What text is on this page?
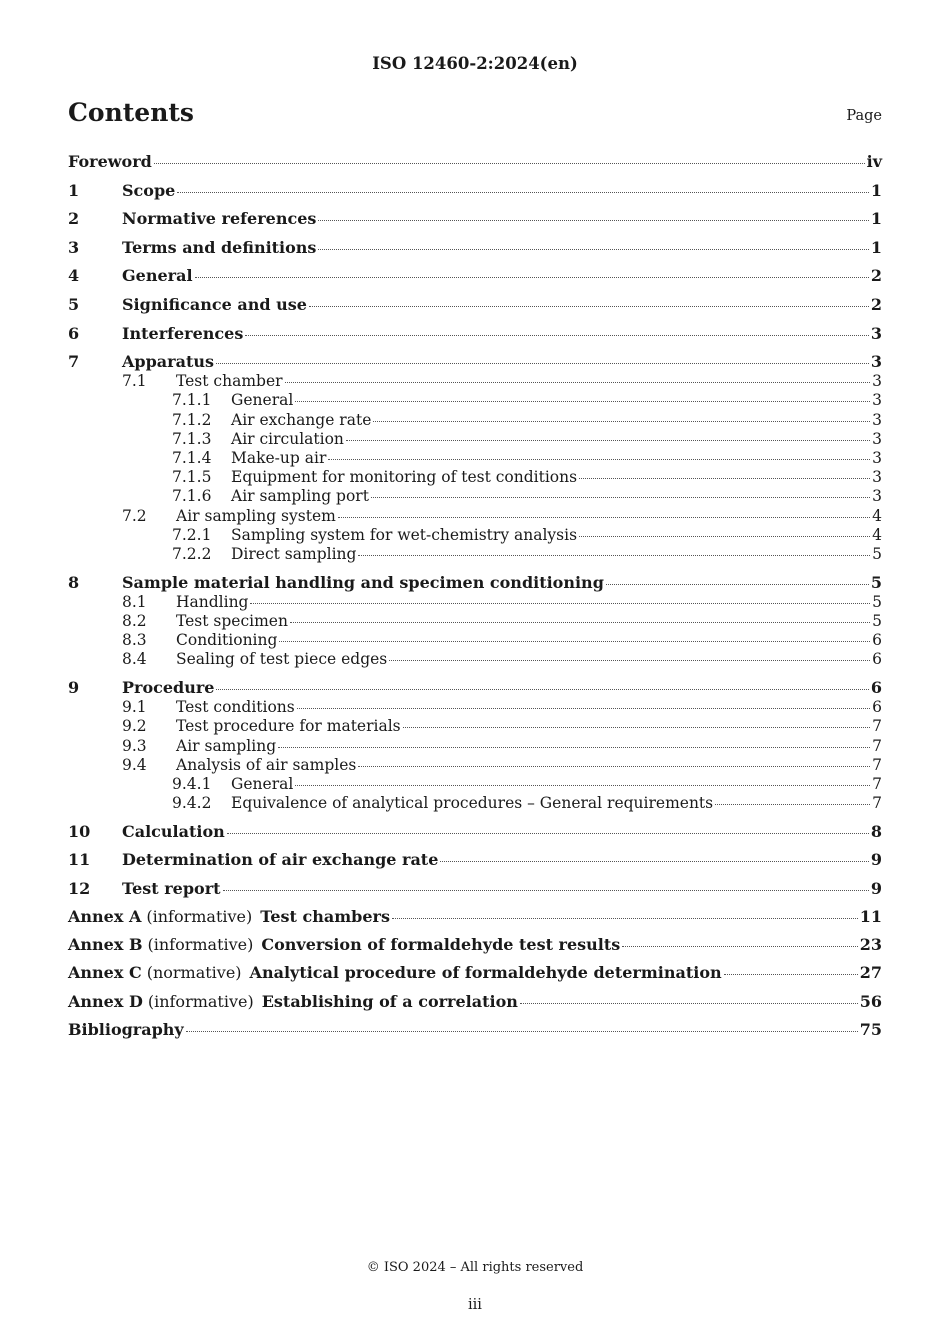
ISO 12460-2:2024(en)
Contents	Page
Foreword	iv
1	Scope	1
2	Normative references	1
3	Terms and definitions	1
4	General	2
5	Significance and use	2
6	Interferences	3
7	Apparatus	3
7.1	Test chamber	3
7.1.1	General	3
7.1.2	Air exchange rate	3
7.1.3	Air circulation	3
7.1.4	Make-up air	3
7.1.5	Equipment for monitoring of test conditions	3
7.1.6	Air sampling port	3
7.2	Air sampling system	4
7.2.1	Sampling system for wet-chemistry analysis	4
7.2.2	Direct sampling	5
8	Sample material handling and specimen conditioning	5
8.1	Handling	5
8.2	Test specimen	5
8.3	Conditioning	6
8.4	Sealing of test piece edges	6
9	Procedure	6
9.1	Test conditions	6
9.2	Test procedure for materials	7
9.3	Air sampling	7
9.4	Analysis of air samples	7
9.4.1	General	7
9.4.2	Equivalence of analytical procedures – General requirements	7
10	Calculation	8
11	Determination of air exchange rate	9
12	Test report	9
Annex A (informative) Test chambers	11
Annex B (informative) Conversion of formaldehyde test results	23
Annex C (normative) Analytical procedure of formaldehyde determination	27
Annex D (informative) Establishing of a correlation	56
Bibliography	75
© ISO 2024 – All rights reserved
iii
